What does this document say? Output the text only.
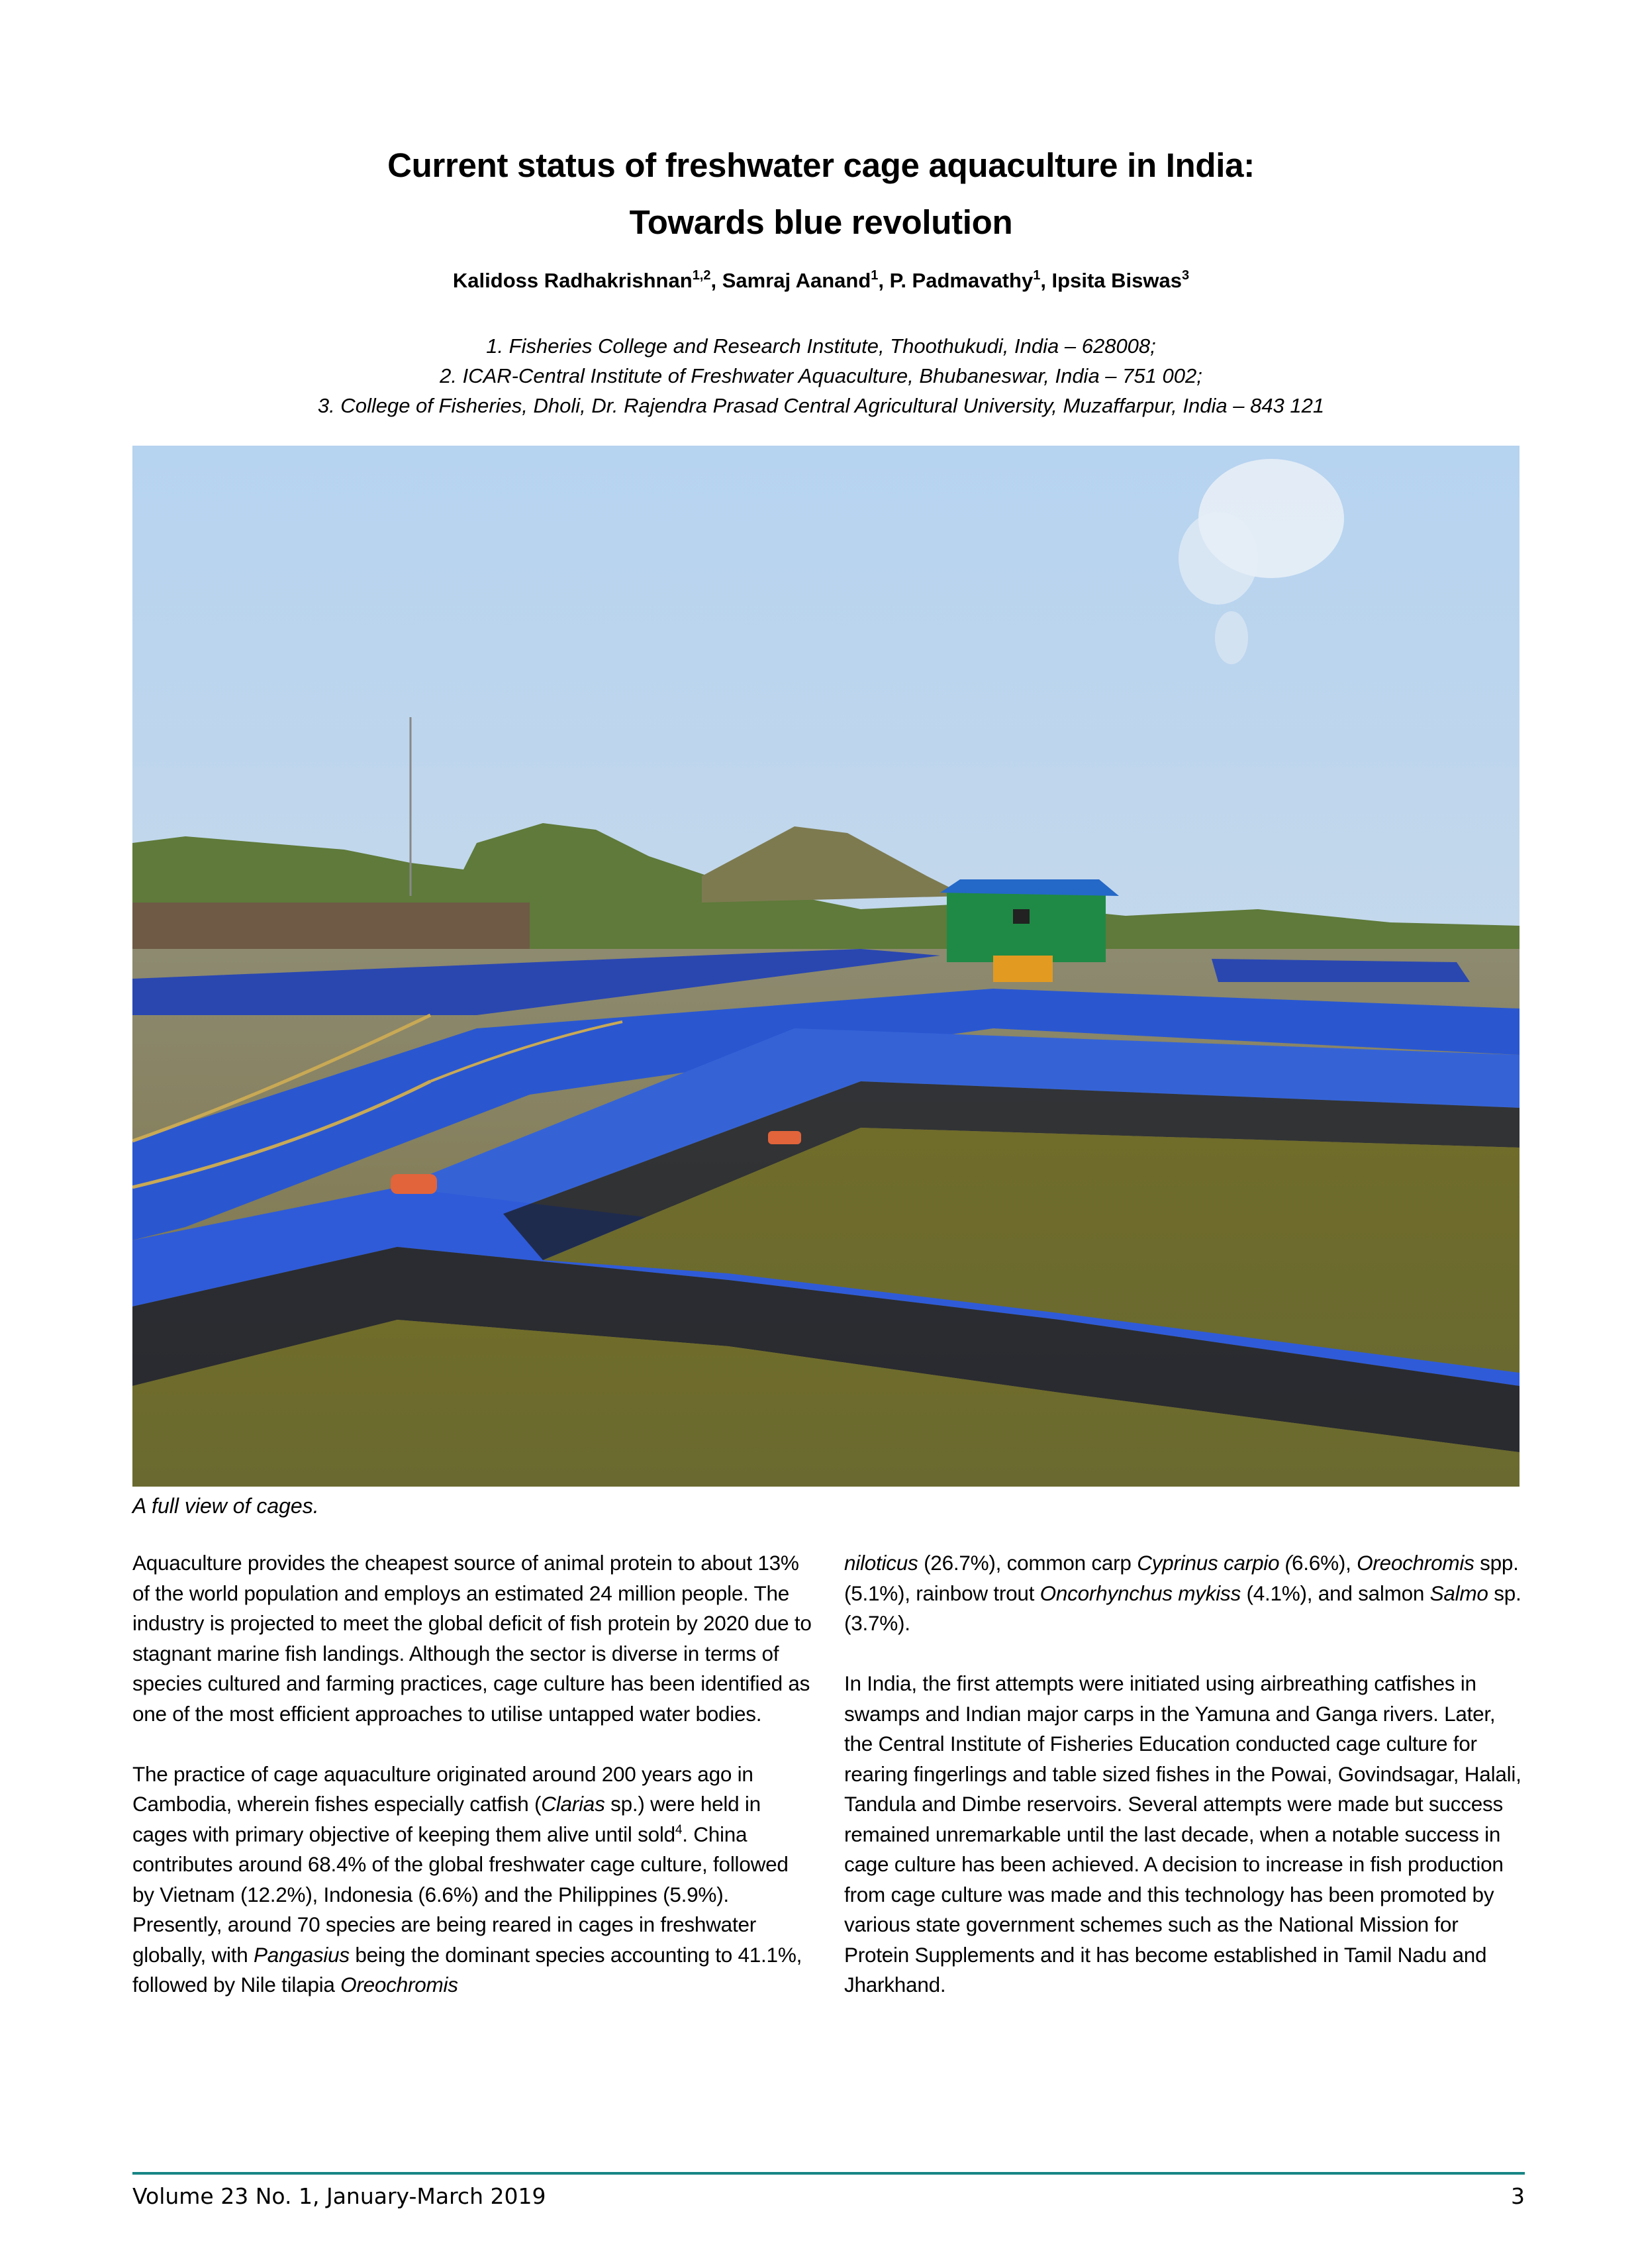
Current status of freshwater cage aquaculture in India:
Towards blue revolution
Kalidoss Radhakrishnan$^{1,2}$, Samraj Aanand$^1$, P. Padmavathy$^1$, Ipsita Biswas$^3$
1. Fisheries College and Research Institute, Thoothukudi, India – 628008;
2. ICAR-Central Institute of Freshwater Aquaculture, Bhubaneswar, India – 751 002;
3. College of Fisheries, Dholi, Dr. Rajendra Prasad Central Agricultural University, Muzaffarpur, India – 843 121
A full view of cages.

Aquaculture provides the cheapest source of animal protein to about 13% of the world population and employs an estimated 24 million people. The industry is projected to meet the global deficit of fish protein by 2020 due to stagnant marine fish landings. Although the sector is diverse in terms of species cultured and farming practices, cage culture has been identified as one of the most efficient approaches to utilise untapped water bodies.

The practice of cage aquaculture originated around 200 years ago in Cambodia, wherein fishes especially catfish (Clarias sp.) were held in cages with primary objective of keeping them alive until sold$^4$. China contributes around 68.4% of the global freshwater cage culture, followed by Vietnam (12.2%), Indonesia (6.6%) and the Philippines (5.9%). Presently, around 70 species are being reared in cages in freshwater globally, with Pangasius being the dominant species accounting to 41.1%, followed by Nile tilapia Oreochromis

niloticus (26.7%), common carp Cyprinus carpio (6.6%), Oreochromis spp. (5.1%), rainbow trout Oncorhynchus mykiss (4.1%), and salmon Salmo sp. (3.7%).

In India, the first attempts were initiated using airbreathing catfishes in swamps and Indian major carps in the Yamuna and Ganga rivers. Later, the Central Institute of Fisheries Education conducted cage culture for rearing fingerlings and table sized fishes in the Powai, Govindsagar, Halali, Tandula and Dimbe reservoirs. Several attempts were made but success remained unremarkable until the last decade, when a notable success in cage culture has been achieved. A decision to increase in fish production from cage culture was made and this technology has been promoted by various state government schemes such as the National Mission for Protein Supplements and it has become established in Tamil Nadu and Jharkhand.

Volume 23 No. 1, January-March 2019	3
